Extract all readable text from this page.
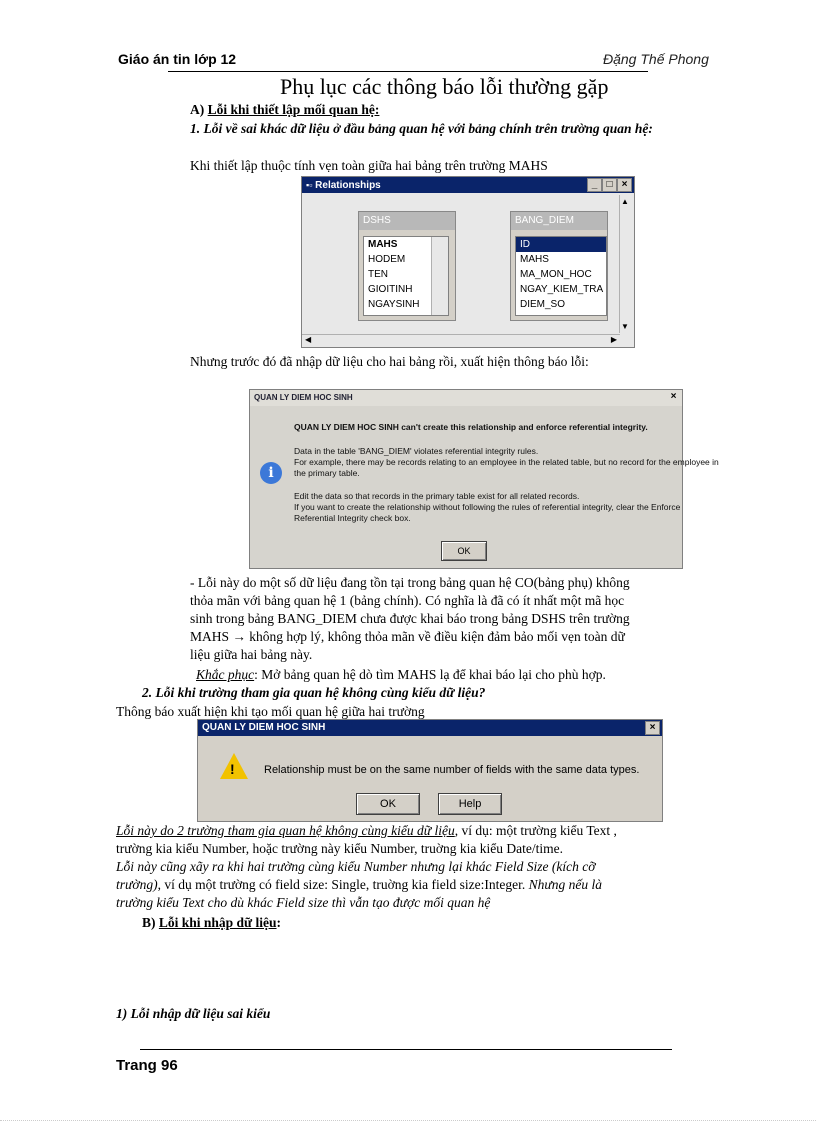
Giáo án tin lớp 12	Đặng Thế Phong
Phụ lục các thông báo lỗi thường gặp
A) Lỗi khi thiết lập mối quan hệ:
1. Lỗi về sai khác dữ liệu ở đầu bảng quan hệ với bảng chính trên trường quan hệ:
Khi thiết lập thuộc tính vẹn toàn giữa hai bảng trên trường MAHS
▪▫ Relationships	_ □ ×
DSHS
MAHS
HODEM
TEN
GIOITINH
NGAYSINH
BANG_DIEM
ID
MAHS
MA_MON_HOC
NGAY_KIEM_TRA
DIEM_SO
▲
▼
◀	▶
Nhưng trước đó đã nhập dữ liệu cho hai bảng rồi, xuất hiện thông báo lỗi:
QUAN LY DIEM HOC SINH	×
QUAN LY DIEM HOC SINH can't create this relationship and enforce referential integrity.
i
Data in the table 'BANG_DIEM' violates referential integrity rules.
For example, there may be records relating to an employee in the related table, but no record for the employee in
the primary table.
Edit the data so that records in the primary table exist for all related records.
If you want to create the relationship without following the rules of referential integrity, clear the Enforce
Referential Integrity check box.
OK
- Lỗi này do một số dữ liệu đang tồn tại trong bảng quan hệ CO(bảng phụ) không
thỏa mãn với bảng quan hệ 1 (bảng chính). Có nghĩa là đã có ít nhất một mã học
sinh trong bảng BANG_DIEM chưa được khai báo trong bảng DSHS trên trường
MAHS → không hợp lý, không thỏa mãn về điều kiện đảm bảo mối vẹn toàn dữ
liệu giữa hai bảng này.
Khắc phục: Mở bảng quan hệ dò tìm MAHS lạ để khai báo lại cho phù hợp.
2. Lỗi khi trường tham gia quan hệ không cùng kiểu dữ liệu?
Thông báo xuất hiện khi tạo mối quan hệ giữa hai trường
QUAN LY DIEM HOC SINH	×
!	Relationship must be on the same number of fields with the same data types.
OK	Help
Lỗi này do 2 trường tham gia quan hệ không cùng kiểu dữ liệu, ví dụ: một trường kiểu Text ,
trường kia kiểu Number, hoặc trường này kiểu Number, truờng kia kiểu Date/time.
Lỗi này cũng xãy ra khi hai trường cùng kiểu Number nhưng lại khác Field Size (kích cỡ
trường), ví dụ một trường có field size: Single, truờng kia field size:Integer. Nhưng nếu là
trường kiểu Text cho dù khác Field size thì vẫn tạo được mối quan hệ
B) Lỗi khi nhập dữ liệu:
1) Lỗi nhập dữ liệu sai kiểu
Trang 96
